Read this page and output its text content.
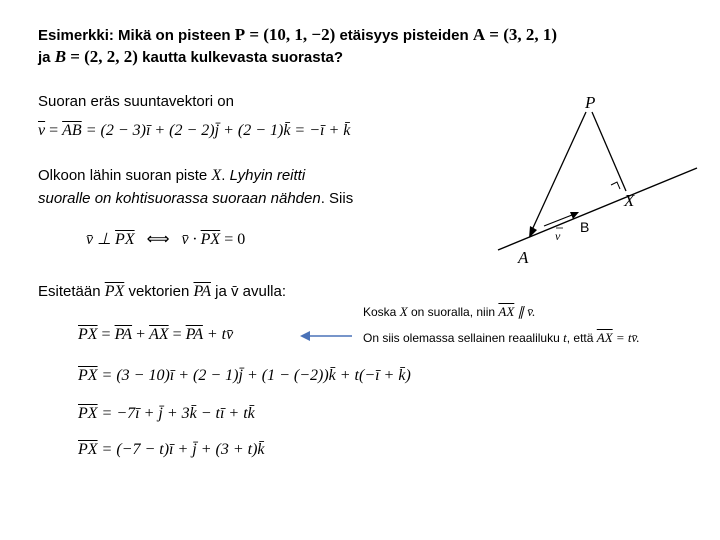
Esimerkki: Mikä on pisteen P = (10, 1, −2) etäisyys pisteiden A = (3, 2, 1)
ja B = (2, 2, 2) kautta kulkevasta suorasta?
Suoran eräs suuntavektori on
$\overline{v} = \overline{AB} = (2$ − 3)ī + (2 − 2)j̄ + (2 − 1)k̄ = −ī + k̄
Olkoon lähin suoran piste X. Lyhyin reitti
suoralle on kohtisuorassa suoraan nähden. Siis
v̄ ⊥ $\overline{PX}$ ⟺ v̄ · $\overline{PX} = 0$
Esitetään $\overline{PX}$ vektorien $\overline{PA}$ ja v̄ avulla:
$\overline{PX} = \overline{PA} + \overline{AX} = \overline{PA}$ + tv̄
$\overline{PX} = (3$ − 10)ī + (2 − 1)j̄ + (1 − (−2))k̄ + t(−ī + k̄)
$\overline{PX}$ = −7ī + j̄ + 3k̄ − tī + tk̄
$\overline{PX} = (-7$ − t)ī + j̄ + (3 + t)k̄
Koska X on suoralla, niin $\overline{AX}$ ∥ v̄.
On siis olemassa sellainen reaaliluku t, että $\overline{AX}$ = tv̄.
P
X
A
B
v
